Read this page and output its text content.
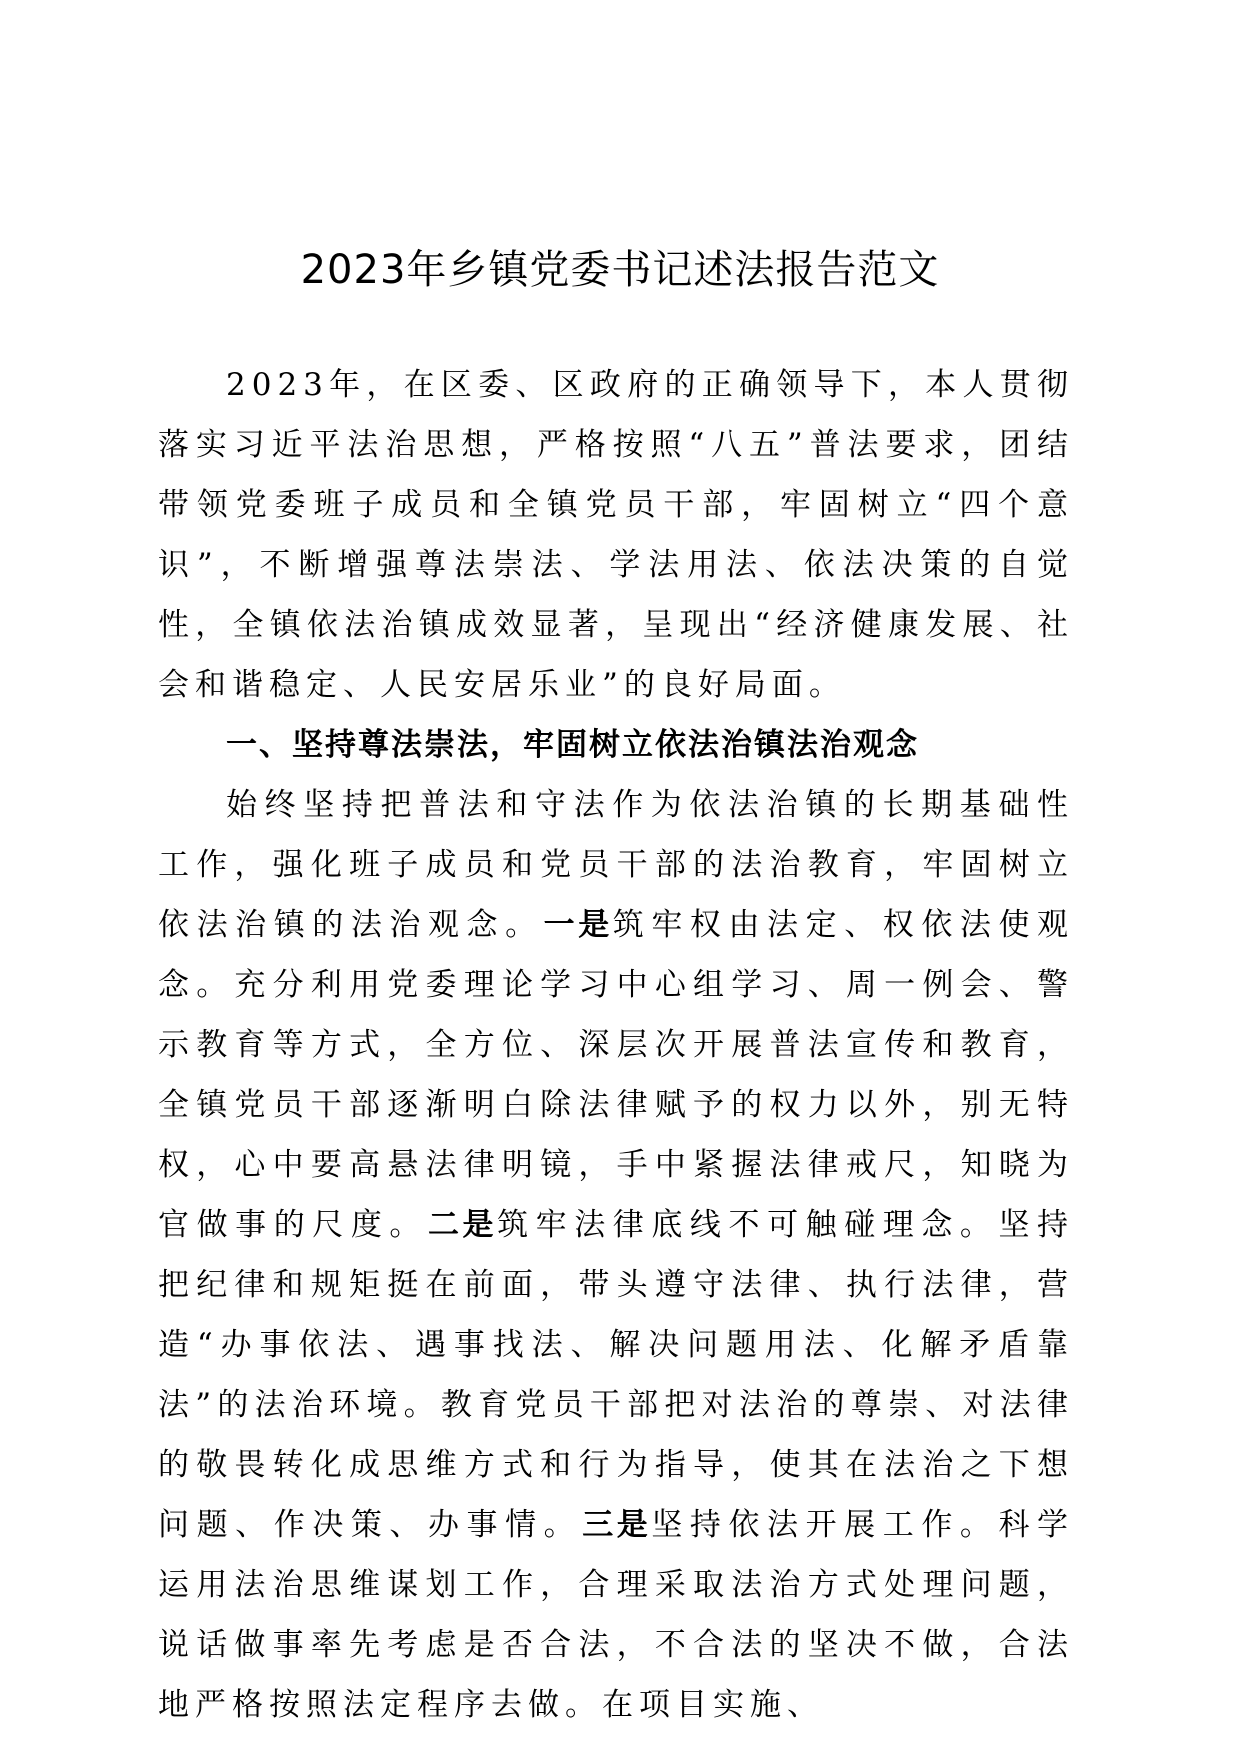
2023年乡镇党委书记述法报告范文

2023年，在区委、区政府的正确领导下，本人贯彻落实习近平法治思想，严格按照“八五”普法要求，团结带领党委班子成员和全镇党员干部，牢固树立“四个意识”，不断增强尊法崇法、学法用法、依法决策的自觉性，全镇依法治镇成效显著，呈现出“经济健康发展、社会和谐稳定、人民安居乐业”的良好局面。

一、坚持尊法崇法，牢固树立依法治镇法治观念

始终坚持把普法和守法作为依法治镇的长期基础性工作，强化班子成员和党员干部的法治教育，牢固树立依法治镇的法治观念。一是筑牢权由法定、权依法使观念。充分利用党委理论学习中心组学习、周一例会、警示教育等方式，全方位、深层次开展普法宣传和教育，全镇党员干部逐渐明白除法律赋予的权力以外，别无特权，心中要高悬法律明镜，手中紧握法律戒尺，知晓为官做事的尺度。二是筑牢法律底线不可触碰理念。坚持把纪律和规矩挺在前面，带头遵守法律、执行法律，营造“办事依法、遇事找法、解决问题用法、化解矛盾靠法”的法治环境。教育党员干部把对法治的尊崇、对法律的敬畏转化成思维方式和行为指导，使其在法治之下想问题、作决策、办事情。三是坚持依法开展工作。科学运用法治思维谋划工作，合理采取法治方式处理问题，说话做事率先考虑是否合法，不合法的坚决不做，合法地严格按照法定程序去做。在项目实施、
